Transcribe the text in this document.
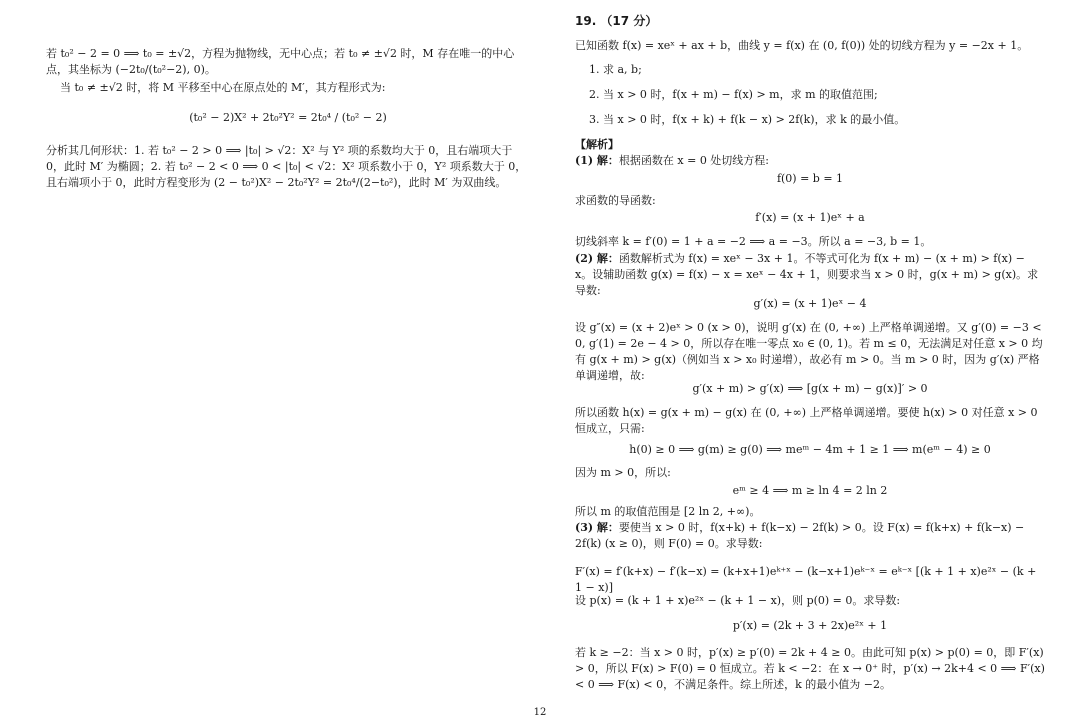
若 t₀² − 2 = 0 ⟹ t₀ = ±√2，方程为抛物线，无中心点；若 t₀ ≠ ±√2 时，M 存在唯一的中心点，其坐标为 (−2t₀/(t₀²−2), 0)。

当 t₀ ≠ ±√2 时，将 M 平移至中心在原点处的 M′，其方程形式为:

(t₀² − 2)X² + 2t₀²Y² = 2t₀⁴ / (t₀² − 2)

分析其几何形状：1. 若 t₀² − 2 > 0 ⟹ |t₀| > √2：X² 与 Y² 项的系数均大于 0，且右端项大于 0，此时 M′ 为椭圆；2. 若 t₀² − 2 < 0 ⟹ 0 < |t₀| < √2：X² 项系数小于 0，Y² 项系数大于 0，且右端项小于 0，此时方程变形为 (2 − t₀²)X² − 2t₀²Y² = 2t₀⁴/(2−t₀²)，此时 M′ 为双曲线。

19. （17 分）

已知函数 f(x) = xeˣ + ax + b，曲线 y = f(x) 在 (0, f(0)) 处的切线方程为 y = −2x + 1。

1. 求 a, b;

2. 当 x > 0 时，f(x + m) − f(x) > m，求 m 的取值范围;

3. 当 x > 0 时，f(x + k) + f(k − x) > 2f(k)，求 k 的最小值。

【解析】

(1) 解：根据函数在 x = 0 处切线方程:

f(0) = b = 1

求函数的导函数:

f′(x) = (x + 1)eˣ + a

切线斜率 k = f′(0) = 1 + a = −2 ⟹ a = −3。所以 a = −3, b = 1。

(2) 解：函数解析式为 f(x) = xeˣ − 3x + 1。不等式可化为 f(x + m) − (x + m) > f(x) − x。设辅助函数 g(x) = f(x) − x = xeˣ − 4x + 1，则要求当 x > 0 时，g(x + m) > g(x)。求导数:

g′(x) = (x + 1)eˣ − 4

设 g″(x) = (x + 2)eˣ > 0 (x > 0)，说明 g′(x) 在 (0, +∞) 上严格单调递增。又 g′(0) = −3 < 0, g′(1) = 2e − 4 > 0，所以存在唯一零点 x₀ ∈ (0, 1)。若 m ≤ 0，无法满足对任意 x > 0 均有 g(x + m) > g(x)（例如当 x > x₀ 时递增），故必有 m > 0。当 m > 0 时，因为 g′(x) 严格单调递增，故:

g′(x + m) > g′(x) ⟹ [g(x + m) − g(x)]′ > 0

所以函数 h(x) = g(x + m) − g(x) 在 (0, +∞) 上严格单调递增。要使 h(x) > 0 对任意 x > 0 恒成立，只需:

h(0) ≥ 0 ⟹ g(m) ≥ g(0) ⟹ meᵐ − 4m + 1 ≥ 1 ⟹ m(eᵐ − 4) ≥ 0

因为 m > 0，所以:

eᵐ ≥ 4 ⟹ m ≥ ln 4 = 2 ln 2

所以 m 的取值范围是 [2 ln 2, +∞)。

(3) 解：要使当 x > 0 时，f(x+k) + f(k−x) − 2f(k) > 0。设 F(x) = f(k+x) + f(k−x) − 2f(k) (x ≥ 0)，则 F(0) = 0。求导数:

F′(x) = f′(k+x) − f′(k−x) = (k+x+1)eᵏ⁺ˣ − (k−x+1)eᵏ⁻ˣ = eᵏ⁻ˣ [(k + 1 + x)e²ˣ − (k + 1 − x)]

设 p(x) = (k + 1 + x)e²ˣ − (k + 1 − x)，则 p(0) = 0。求导数:

p′(x) = (2k + 3 + 2x)e²ˣ + 1

若 k ≥ −2：当 x > 0 时，p′(x) ≥ p′(0) = 2k + 4 ≥ 0。由此可知 p(x) > p(0) = 0，即 F′(x) > 0，所以 F(x) > F(0) = 0 恒成立。若 k < −2：在 x → 0⁺ 时，p′(x) → 2k+4 < 0 ⟹ F′(x) < 0 ⟹ F(x) < 0，不满足条件。综上所述，k 的最小值为 −2。

12
